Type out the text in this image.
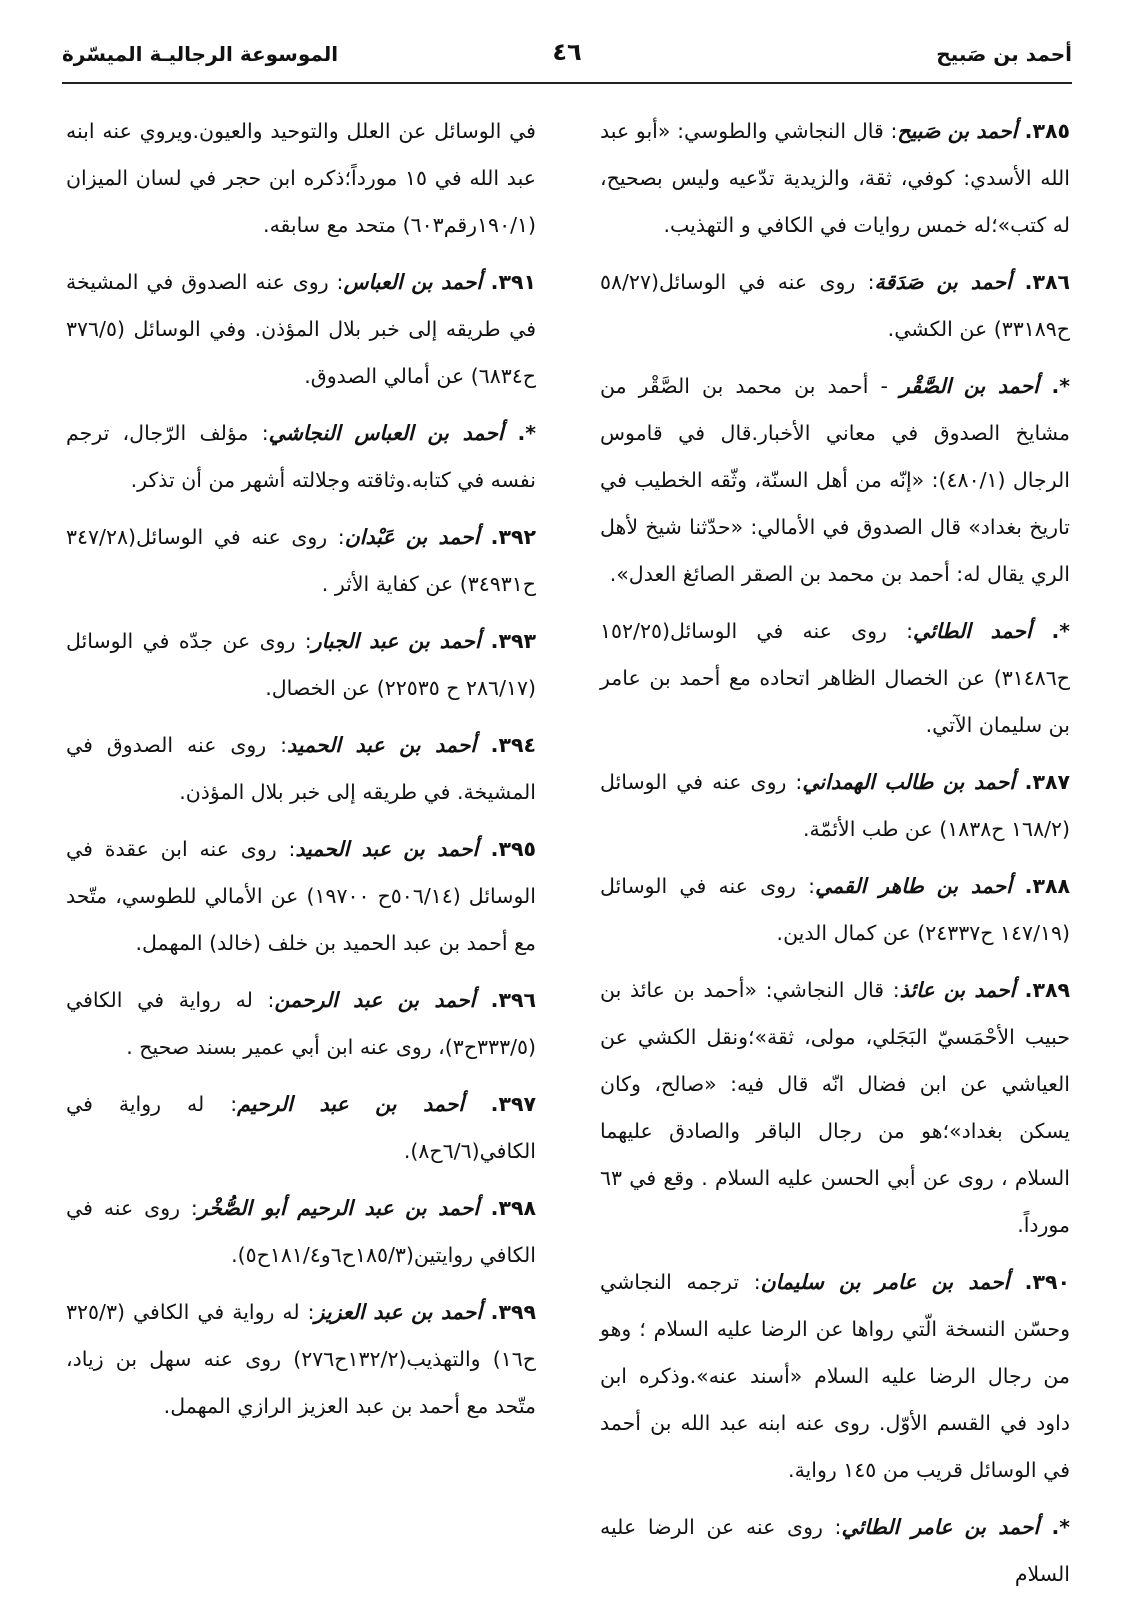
أحمد بن صَبيح
٤٦
الموسوعة الرجاليـة الميسّرة
٣٨٥. أحمد بن صَبيح: قال النجاشي والطوسي: «أبو عبد الله الأسدي: كوفي، ثقة، والزيدية تدّعيه وليس بصحيح، له كتب»؛له خمس روايات في الكافي و التهذيب.
٣٨٦. أحمد بن صَدَقة: روى عنه في الوسائل(٥٨/٢٧ ح٣٣١٨٩) عن الكشي.
*. أحمد بن الصَّقْر - أحمد بن محمد بن الصَّقْر من مشايخ الصدوق في معاني الأخبار.قال في قاموس الرجال (٤٨٠/١): «إنّه من أهل السنّة، وثّقه الخطيب في تاريخ بغداد» قال الصدوق في الأمالي: «حدّثنا شيخ لأهل الري يقال له: أحمد بن محمد بن الصقر الصائغ العدل».
*. أحمد الطائي: روى عنه في الوسائل(١٥٢/٢٥ ح٣١٤٨٦) عن الخصال الظاهر اتحاده مع أحمد بن عامر بن سليمان الآتي.
٣٨٧. أحمد بن طالب الهمداني: روى عنه في الوسائل (١٦٨/٢ ح١٨٣٨) عن طب الأئمّة.
٣٨٨. أحمد بن طاهر القمي: روى عنه في الوسائل (١٤٧/١٩ ح٢٤٣٣٧) عن كمال الدين.
٣٨٩. أحمد بن عائذ: قال النجاشي: «أحمد بن عائذ بن حبيب الأحْمَسيّ البَجَلي، مولى، ثقة»؛ونقل الكشي عن العياشي عن ابن فضال انّه قال فيه: «صالح، وكان يسكن بغداد»؛هو من رجال الباقر والصادق عليهما السلام ، روى عن أبي الحسن عليه السلام . وقع في ٦٣ مورداً.
٣٩٠. أحمد بن عامر بن سليمان: ترجمه النجاشي وحسّن النسخة الّتي رواها عن الرضا عليه السلام ؛ وهو من رجال الرضا عليه السلام «أسند عنه».وذكره ابن داود في القسم الأوّل. روى عنه ابنه عبد الله بن أحمد في الوسائل قريب من ١٤٥ رواية.
*. أحمد بن عامر الطائي: روى عنه عن الرضا عليه السلام
في الوسائل عن العلل والتوحيد والعيون.ويروي عنه ابنه عبد الله في ١٥ مورداً؛ذكره ابن حجر في لسان الميزان (١٩٠/١رقم٦٠٣) متحد مع سابقه.
٣٩١. أحمد بن العباس: روى عنه الصدوق في المشيخة في طريقه إلى خبر بلال المؤذن. وفي الوسائل (٣٧٦/٥ ح٦٨٣٤) عن أمالي الصدوق.
*. أحمد بن العباس النجاشي: مؤلف الرّجال، ترجم نفسه في كتابه.وثاقته وجلالته أشهر من أن تذكر.
٣٩٢. أحمد بن عَبْدان: روى عنه في الوسائل(٣٤٧/٢٨ ح٣٤٩٣١) عن كفاية الأثر .
٣٩٣. أحمد بن عبد الجبار: روى عن جدّه في الوسائل (٢٨٦/١٧ ح ٢٢٥٣٥) عن الخصال.
٣٩٤. أحمد بن عبد الحميد: روى عنه الصدوق في المشيخة. في طريقه إلى خبر بلال المؤذن.
٣٩٥. أحمد بن عبد الحميد: روى عنه ابن عقدة في الوسائل (٥٠٦/١٤ح ١٩٧٠٠) عن الأمالي للطوسي، متّحد مع أحمد بن عبد الحميد بن خلف (خالد) المهمل.
٣٩٦. أحمد بن عبد الرحمن: له رواية في الكافي (٣٣٣/٥ح٣)، روى عنه ابن أبي عمير بسند صحيح .
٣٩٧. أحمد بن عبد الرحيم: له رواية في الكافي(٦/٦ح٨).
٣٩٨. أحمد بن عبد الرحيم أبو الصُّخْر: روى عنه في الكافي روايتين(١٨٥/٣ح٦و١٨١/٤ح٥).
٣٩٩. أحمد بن عبد العزيز: له رواية في الكافي (٣٢٥/٣ ح١٦) والتهذيب(١٣٢/٢ح٢٧٦) روى عنه سهل بن زياد، متّحد مع أحمد بن عبد العزيز الرازي المهمل.
